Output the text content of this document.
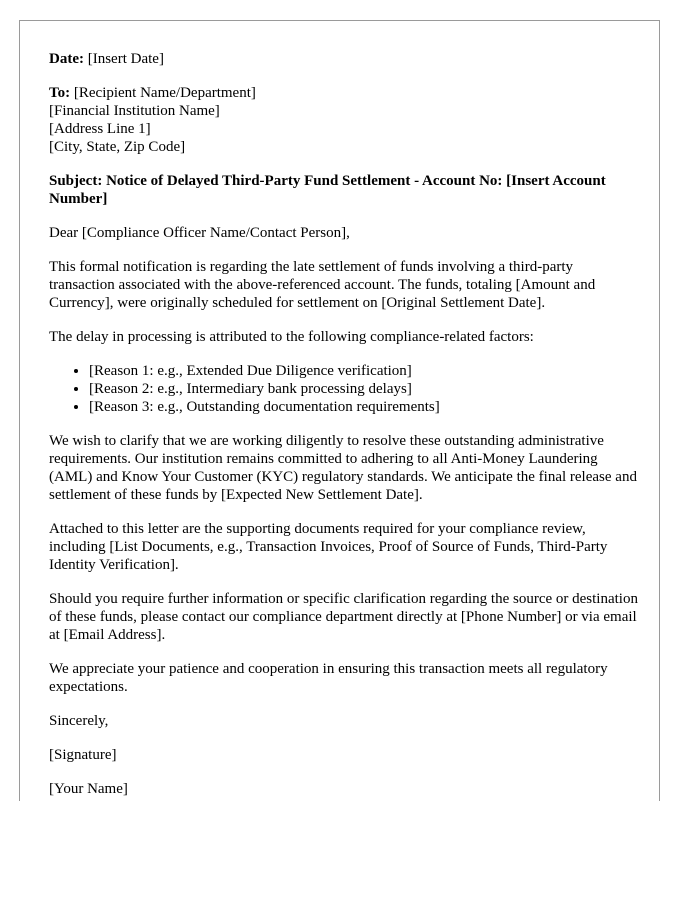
Date: [Insert Date]

To: [Recipient Name/Department]
[Financial Institution Name]
[Address Line 1]
[City, State, Zip Code]

Subject: Notice of Delayed Third-Party Fund Settlement - Account No: [Insert Account Number]

Dear [Compliance Officer Name/Contact Person],

This formal notification is regarding the late settlement of funds involving a third-party transaction associated with the above-referenced account. The funds, totaling [Amount and Currency], were originally scheduled for settlement on [Original Settlement Date].

The delay in processing is attributed to the following compliance-related factors:

• [Reason 1: e.g., Extended Due Diligence verification]
• [Reason 2: e.g., Intermediary bank processing delays]
• [Reason 3: e.g., Outstanding documentation requirements]

We wish to clarify that we are working diligently to resolve these outstanding administrative requirements. Our institution remains committed to adhering to all Anti-Money Laundering (AML) and Know Your Customer (KYC) regulatory standards. We anticipate the final release and settlement of these funds by [Expected New Settlement Date].

Attached to this letter are the supporting documents required for your compliance review, including [List Documents, e.g., Transaction Invoices, Proof of Source of Funds, Third-Party Identity Verification].

Should you require further information or specific clarification regarding the source or destination of these funds, please contact our compliance department directly at [Phone Number] or via email at [Email Address].

We appreciate your patience and cooperation in ensuring this transaction meets all regulatory expectations.

Sincerely,

[Signature]

[Your Name]
